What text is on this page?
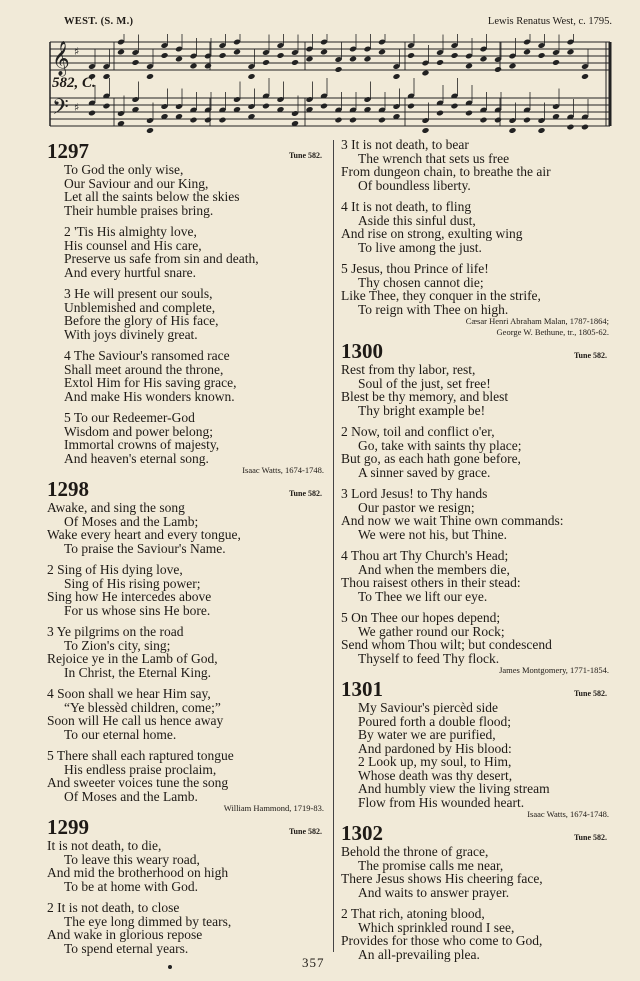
WEST. (S. M.)	Lewis Renatus West, c. 1795.
𝄞
𝄢
♯
♯
582, C.
1297	Tune 582.
To God the only wise,
Our Saviour and our King,
Let all the saints below the skies
Their humble praises bring.
2 'Tis His almighty love,
His counsel and His care,
Preserve us safe from sin and death,
And every hurtful snare.
3 He will present our souls,
Unblemished and complete,
Before the glory of His face,
With joys divinely great.
4 The Saviour's ransomed race
Shall meet around the throne,
Extol Him for His saving grace,
And make His wonders known.
5 To our Redeemer-God
Wisdom and power belong;
Immortal crowns of majesty,
And heaven's eternal song.
Isaac Watts, 1674-1748.
1298	Tune 582.
Awake, and sing the song
Of Moses and the Lamb;
Wake every heart and every tongue,
To praise the Saviour's Name.
2 Sing of His dying love,
Sing of His rising power;
Sing how He intercedes above
For us whose sins He bore.
3 Ye pilgrims on the road
To Zion's city, sing;
Rejoice ye in the Lamb of God,
In Christ, the Eternal King.
4 Soon shall we hear Him say,
“Ye blessèd children, come;”
Soon will He call us hence away
To our eternal home.
5 There shall each raptured tongue
His endless praise proclaim,
And sweeter voices tune the song
Of Moses and the Lamb.
William Hammond, 1719-83.
1299	Tune 582.
It is not death, to die,
To leave this weary road,
And mid the brotherhood on high
To be at home with God.
2 It is not death, to close
The eye long dimmed by tears,
And wake in glorious repose
To spend eternal years.
3 It is not death, to bear
The wrench that sets us free
From dungeon chain, to breathe the air
Of boundless liberty.
4 It is not death, to fling
Aside this sinful dust,
And rise on strong, exulting wing
To live among the just.
5 Jesus, thou Prince of life!
Thy chosen cannot die;
Like Thee, they conquer in the strife,
To reign with Thee on high.
Cæsar Henri Abraham Malan, 1787-1864;
George W. Bethune, tr., 1805-62.
1300	Tune 582.
Rest from thy labor, rest,
Soul of the just, set free!
Blest be thy memory, and blest
Thy bright example be!
2 Now, toil and conflict o'er,
Go, take with saints thy place;
But go, as each hath gone before,
A sinner saved by grace.
3 Lord Jesus! to Thy hands
Our pastor we resign;
And now we wait Thine own commands:
We were not his, but Thine.
4 Thou art Thy Church's Head;
And when the members die,
Thou raisest others in their stead:
To Thee we lift our eye.
5 On Thee our hopes depend;
We gather round our Rock;
Send whom Thou wilt; but condescend
Thyself to feed Thy flock.
James Montgomery, 1771-1854.
1301	Tune 582.
My Saviour's piercèd side
Poured forth a double flood;
By water we are purified,
And pardoned by His blood:
2 Look up, my soul, to Him,
Whose death was thy desert,
And humbly view the living stream
Flow from His wounded heart.
Isaac Watts, 1674-1748.
1302	Tune 582.
Behold the throne of grace,
The promise calls me near,
There Jesus shows His cheering face,
And waits to answer prayer.
2 That rich, atoning blood,
Which sprinkled round I see,
Provides for those who come to God,
An all-prevailing plea.
357
